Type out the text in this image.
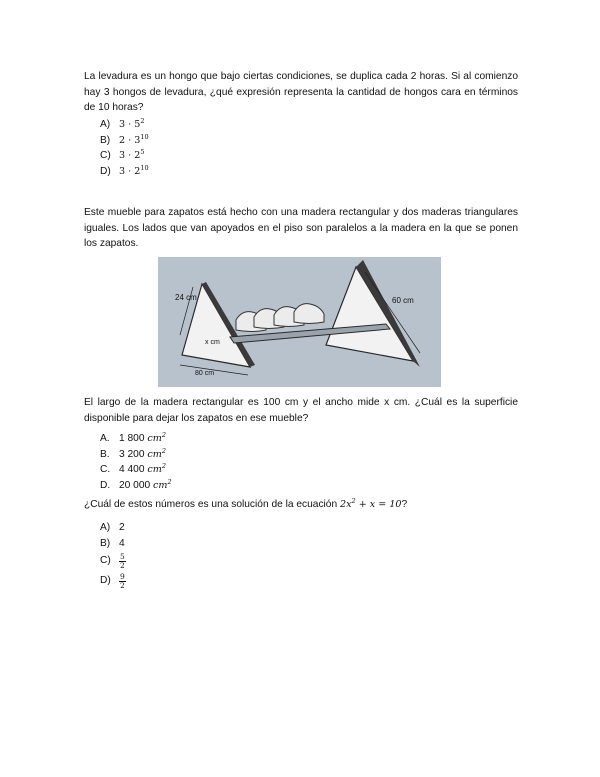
La levadura es un hongo que bajo ciertas condiciones, se duplica cada 2 horas. Si al comienzo hay 3 hongos de levadura, ¿qué expresión representa la cantidad de hongos cara en términos de 10 horas?

A) $3 \cdot 5^2$
B) $2 \cdot 3^{10}$
C) $3 \cdot 2^5$
D) $3 \cdot 2^{10}$

Este mueble para zapatos está hecho con una madera rectangular y dos maderas triangulares iguales. Los lados que van apoyados en el piso son paralelos a la madera en la que se ponen los zapatos.

24 cm	60 cm
x cm
80 cm

El largo de la madera rectangular es 100 cm y el ancho mide x cm. ¿Cuál es la superficie disponible para dejar los zapatos en ese mueble?

A. 1 800
$cm^2$
B. 3 200
$cm^2$
C. 4 400
$cm^2$
D. 20 000
$cm^2$

¿Cuál de estos números es una solución de la ecuación $2x^2 + x = 10$?

A) 2
B) 4
C)	$\frac{5}{2}$
D)	$\frac{9}{2}$
